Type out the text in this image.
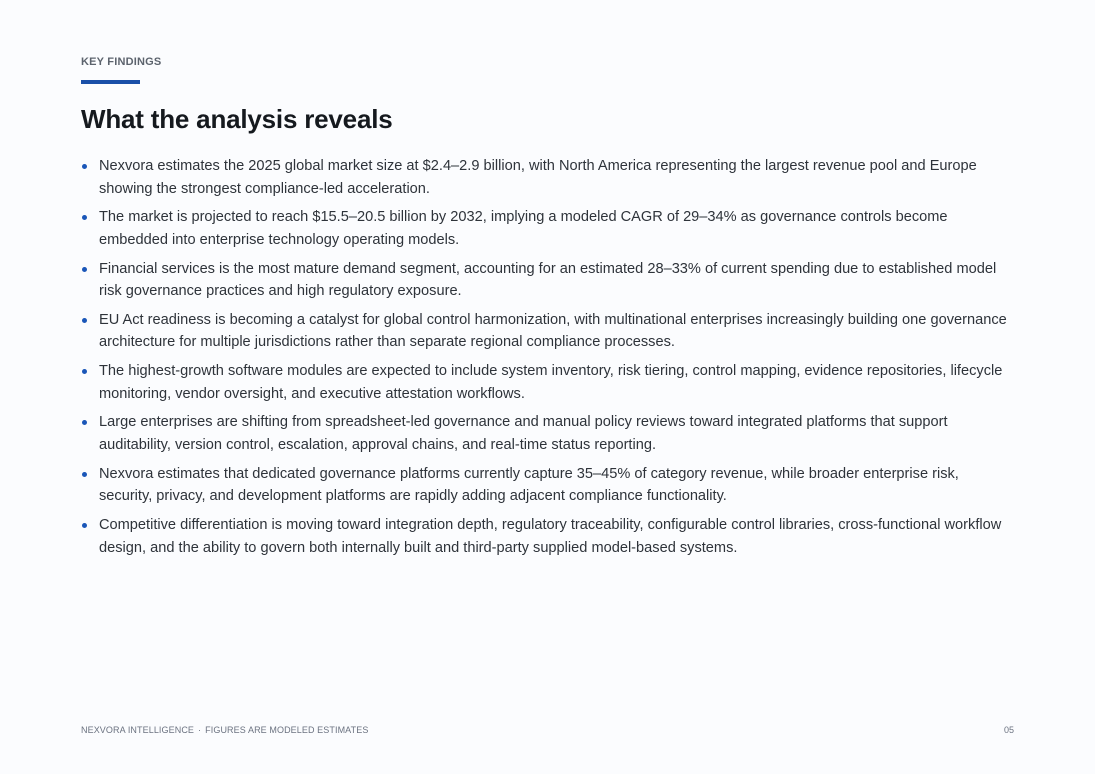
KEY FINDINGS
What the analysis reveals
Nexvora estimates the 2025 global market size at $2.4–2.9 billion, with North America representing the largest revenue pool and Europe showing the strongest compliance-led acceleration.
The market is projected to reach $15.5–20.5 billion by 2032, implying a modeled CAGR of 29–34% as governance controls become embedded into enterprise technology operating models.
Financial services is the most mature demand segment, accounting for an estimated 28–33% of current spending due to established model risk governance practices and high regulatory exposure.
EU Act readiness is becoming a catalyst for global control harmonization, with multinational enterprises increasingly building one governance architecture for multiple jurisdictions rather than separate regional compliance processes.
The highest-growth software modules are expected to include system inventory, risk tiering, control mapping, evidence repositories, lifecycle monitoring, vendor oversight, and executive attestation workflows.
Large enterprises are shifting from spreadsheet-led governance and manual policy reviews toward integrated platforms that support auditability, version control, escalation, approval chains, and real-time status reporting.
Nexvora estimates that dedicated governance platforms currently capture 35–45% of category revenue, while broader enterprise risk, security, privacy, and development platforms are rapidly adding adjacent compliance functionality.
Competitive differentiation is moving toward integration depth, regulatory traceability, configurable control libraries, cross-functional workflow design, and the ability to govern both internally built and third-party supplied model-based systems.
NEXVORA INTELLIGENCE · FIGURES ARE MODELED ESTIMATES	05
